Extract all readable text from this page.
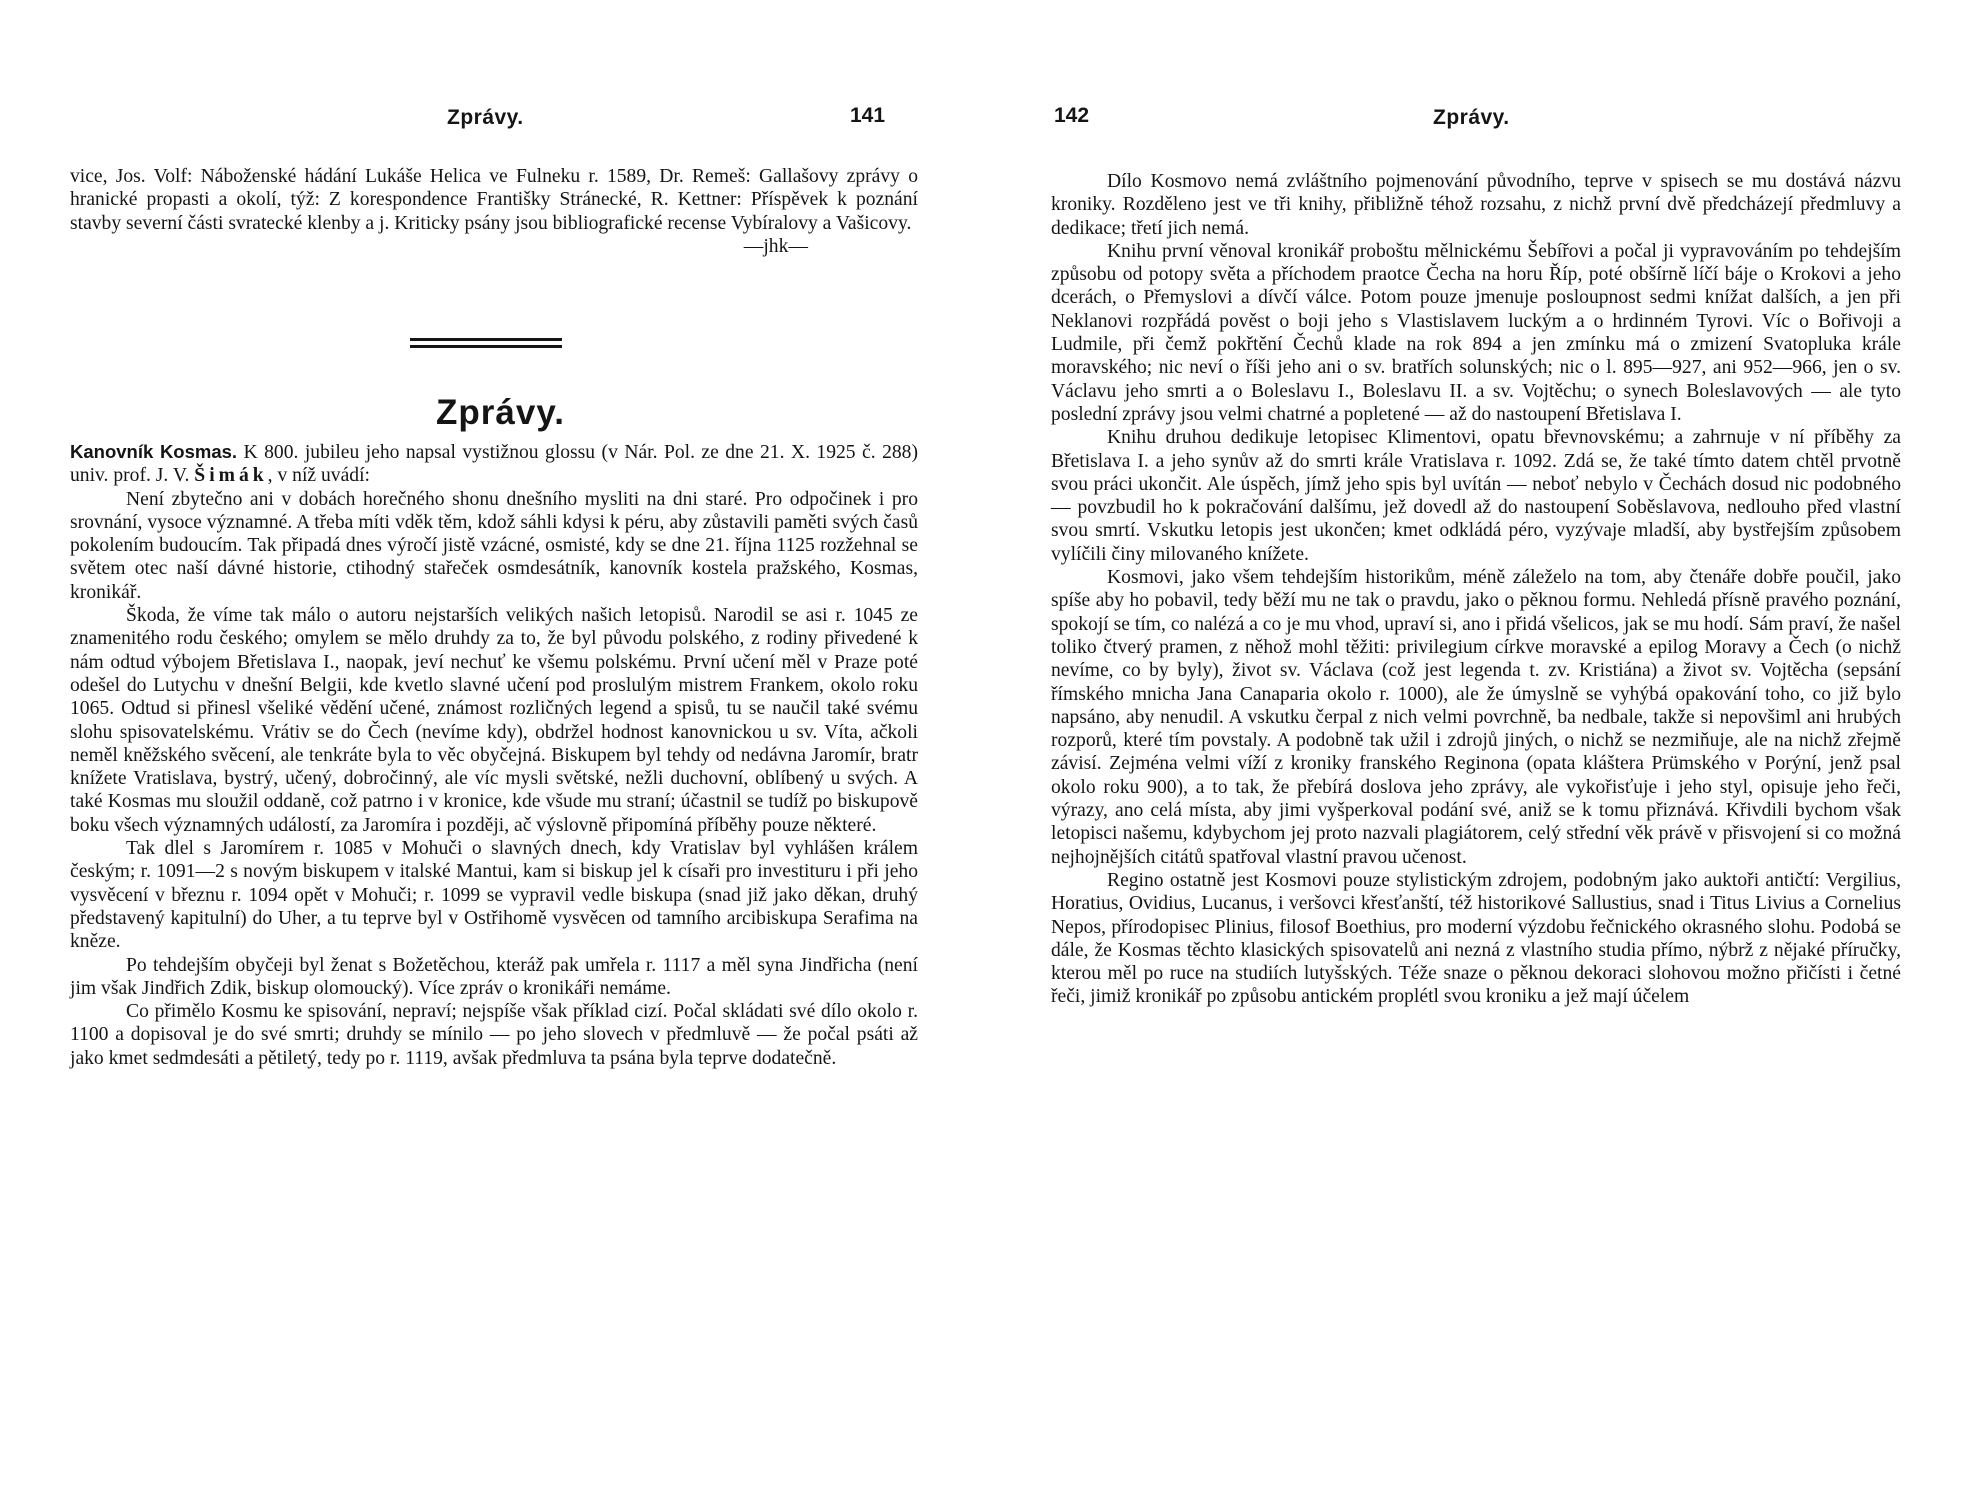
Zprávy.	141

vice, Jos. Volf: Náboženské hádání Lukáše Helica ve Fulneku r. 1589, Dr. Remeš: Gallašovy zprávy o hranické propasti a okolí, týž: Z korespondence Františky Stránecké, R. Kettner: Příspěvek k poznání stavby severní části svratecké klenby a j. Kriticky psány jsou bibliografické recense Vybíralovy a Vašicovy.
—jhk—

Zprávy.

Kanovník Kosmas. K 800. jubileu jeho napsal vystižnou glossu (v Nár. Pol. ze dne 21. X. 1925 č. 288) univ. prof. J. V. Šimák, v níž uvádí:

Není zbytečno ani v dobách horečného shonu dnešního mysliti na dni staré. Pro odpočinek i pro srovnání, vysoce významné. A třeba míti vděk těm, kdož sáhli kdysi k péru, aby zůstavili paměti svých časů pokolením budoucím. Tak připadá dnes výročí jistě vzácné, osmisté, kdy se dne 21. října 1125 rozžehnal se světem otec naší dávné historie, ctihodný stařeček osmdesátník, kanovník kostela pražského, Kosmas, kronikář.

Škoda, že víme tak málo o autoru nejstarších velikých našich letopisů. Narodil se asi r. 1045 ze znamenitého rodu českého; omylem se mělo druhdy za to, že byl původu polského, z rodiny přivedené k nám odtud výbojem Břetislava I., naopak, jeví nechuť ke všemu polskému. První učení měl v Praze poté odešel do Lutychu v dnešní Belgii, kde kvetlo slavné učení pod proslulým mistrem Frankem, okolo roku 1065. Odtud si přinesl všeliké vědění učené, známost rozličných legend a spisů, tu se naučil také svému slohu spisovatelskému. Vrátiv se do Čech (nevíme kdy), obdržel hodnost kanovnickou u sv. Víta, ačkoli neměl kněžského svěcení, ale tenkráte byla to věc obyčejná. Biskupem byl tehdy od nedávna Jaromír, bratr knížete Vratislava, bystrý, učený, dobročinný, ale víc mysli světské, nežli duchovní, oblíbený u svých. A také Kosmas mu sloužil oddaně, což patrno i v kronice, kde všude mu straní; účastnil se tudíž po biskupově boku všech významných událostí, za Jaromíra i později, ač výslovně připomíná příběhy pouze některé.

Tak dlel s Jaromírem r. 1085 v Mohuči o slavných dnech, kdy Vratislav byl vyhlášen králem českým; r. 1091—2 s novým biskupem v italské Mantui, kam si biskup jel k císaři pro investituru i při jeho vysvěcení v březnu r. 1094 opět v Mohuči; r. 1099 se vypravil vedle biskupa (snad již jako děkan, druhý představený kapitulní) do Uher, a tu teprve byl v Ostřihomě vysvěcen od tamního arcibiskupa Serafima na kněze.

Po tehdejším obyčeji byl ženat s Božetěchou, kteráž pak umřela r. 1117 a měl syna Jindřicha (není jim však Jindřich Zdik, biskup olomoucký). Více zpráv o kronikáři nemáme.

Co přimělo Kosmu ke spisování, nepraví; nejspíše však příklad cizí. Počal skládati své dílo okolo r. 1100 a dopisoval je do své smrti; druhdy se mínilo — po jeho slovech v předmluvě — že počal psáti až jako kmet sedmdesáti a pětiletý, tedy po r. 1119, avšak předmluva ta psána byla teprve dodatečně.

142	Zprávy.

Dílo Kosmovo nemá zvláštního pojmenování původního, teprve v spisech se mu dostává názvu kroniky. Rozděleno jest ve tři knihy, přibližně téhož rozsahu, z nichž první dvě předcházejí předmluvy a dedikace; třetí jich nemá.

Knihu první věnoval kronikář proboštu mělnickému Šebířovi a počal ji vypravováním po tehdejším způsobu od potopy světa a příchodem praotce Čecha na horu Říp, poté obšírně líčí báje o Krokovi a jeho dcerách, o Přemyslovi a dívčí válce. Potom pouze jmenuje posloupnost sedmi knížat dalších, a jen při Neklanovi rozpřádá pověst o boji jeho s Vlastislavem luckým a o hrdinném Tyrovi. Víc o Bořivoji a Ludmile, při čemž pokřtění Čechů klade na rok 894 a jen zmínku má o zmizení Svatopluka krále moravského; nic neví o říši jeho ani o sv. bratřích solunských; nic o l. 895—927, ani 952—966, jen o sv. Václavu jeho smrti a o Boleslavu I., Boleslavu II. a sv. Vojtěchu; o synech Boleslavových — ale tyto poslední zprávy jsou velmi chatrné a popletené — až do nastoupení Břetislava I.

Knihu druhou dedikuje letopisec Klimentovi, opatu břevnovskému; a zahrnuje v ní příběhy za Břetislava I. a jeho synův až do smrti krále Vratislava r. 1092. Zdá se, že také tímto datem chtěl prvotně svou práci ukončit. Ale úspěch, jímž jeho spis byl uvítán — neboť nebylo v Čechách dosud nic podobného — povzbudil ho k pokračování dalšímu, jež dovedl až do nastoupení Soběslavova, nedlouho před vlastní svou smrtí. Vskutku letopis jest ukončen; kmet odkládá péro, vyzývaje mladší, aby bystřejším způsobem vylíčili činy milovaného knížete.

Kosmovi, jako všem tehdejším historikům, méně záleželo na tom, aby čtenáře dobře poučil, jako spíše aby ho pobavil, tedy běží mu ne tak o pravdu, jako o pěknou formu. Nehledá přísně pravého poznání, spokojí se tím, co nalézá a co je mu vhod, upraví si, ano i přidá všelicos, jak se mu hodí. Sám praví, že našel toliko čtverý pramen, z něhož mohl těžiti: privilegium církve moravské a epilog Moravy a Čech (o nichž nevíme, co by byly), život sv. Václava (což jest legenda t. zv. Kristiána) a život sv. Vojtěcha (sepsání římského mnicha Jana Canaparia okolo r. 1000), ale že úmyslně se vyhýbá opakování toho, co již bylo napsáno, aby nenudil. A vskutku čerpal z nich velmi povrchně, ba nedbale, takže si nepovšiml ani hrubých rozporů, které tím povstaly. A podobně tak užil i zdrojů jiných, o nichž se nezmiňuje, ale na nichž zřejmě závisí. Zejména velmi víží z kroniky franského Reginona (opata kláštera Prümského v Porýní, jenž psal okolo roku 900), a to tak, že přebírá doslova jeho zprávy, ale vykořisťuje i jeho styl, opisuje jeho řeči, výrazy, ano celá místa, aby jimi vyšperkoval podání své, aniž se k tomu přiznává. Křivdili bychom však letopisci našemu, kdybychom jej proto nazvali plagiátorem, celý střední věk právě v přisvojení si co možná nejhojnějších citátů spatřoval vlastní pravou učenost.

Regino ostatně jest Kosmovi pouze stylistickým zdrojem, podobným jako auktoři antičtí: Vergilius, Horatius, Ovidius, Lucanus, i veršovci křesťanští, též historikové Sallustius, snad i Titus Livius a Cornelius Nepos, přírodopisec Plinius, filosof Boethius, pro moderní výzdobu řečnického okrasného slohu. Podobá se dále, že Kosmas těchto klasických spisovatelů ani nezná z vlastního studia přímo, nýbrž z nějaké příručky, kterou měl po ruce na studiích lutyšských. Téže snaze o pěknou dekoraci slohovou možno přičísti i četné řeči, jimiž kronikář po způsobu antickém proplétl svou kroniku a jež mají účelem
